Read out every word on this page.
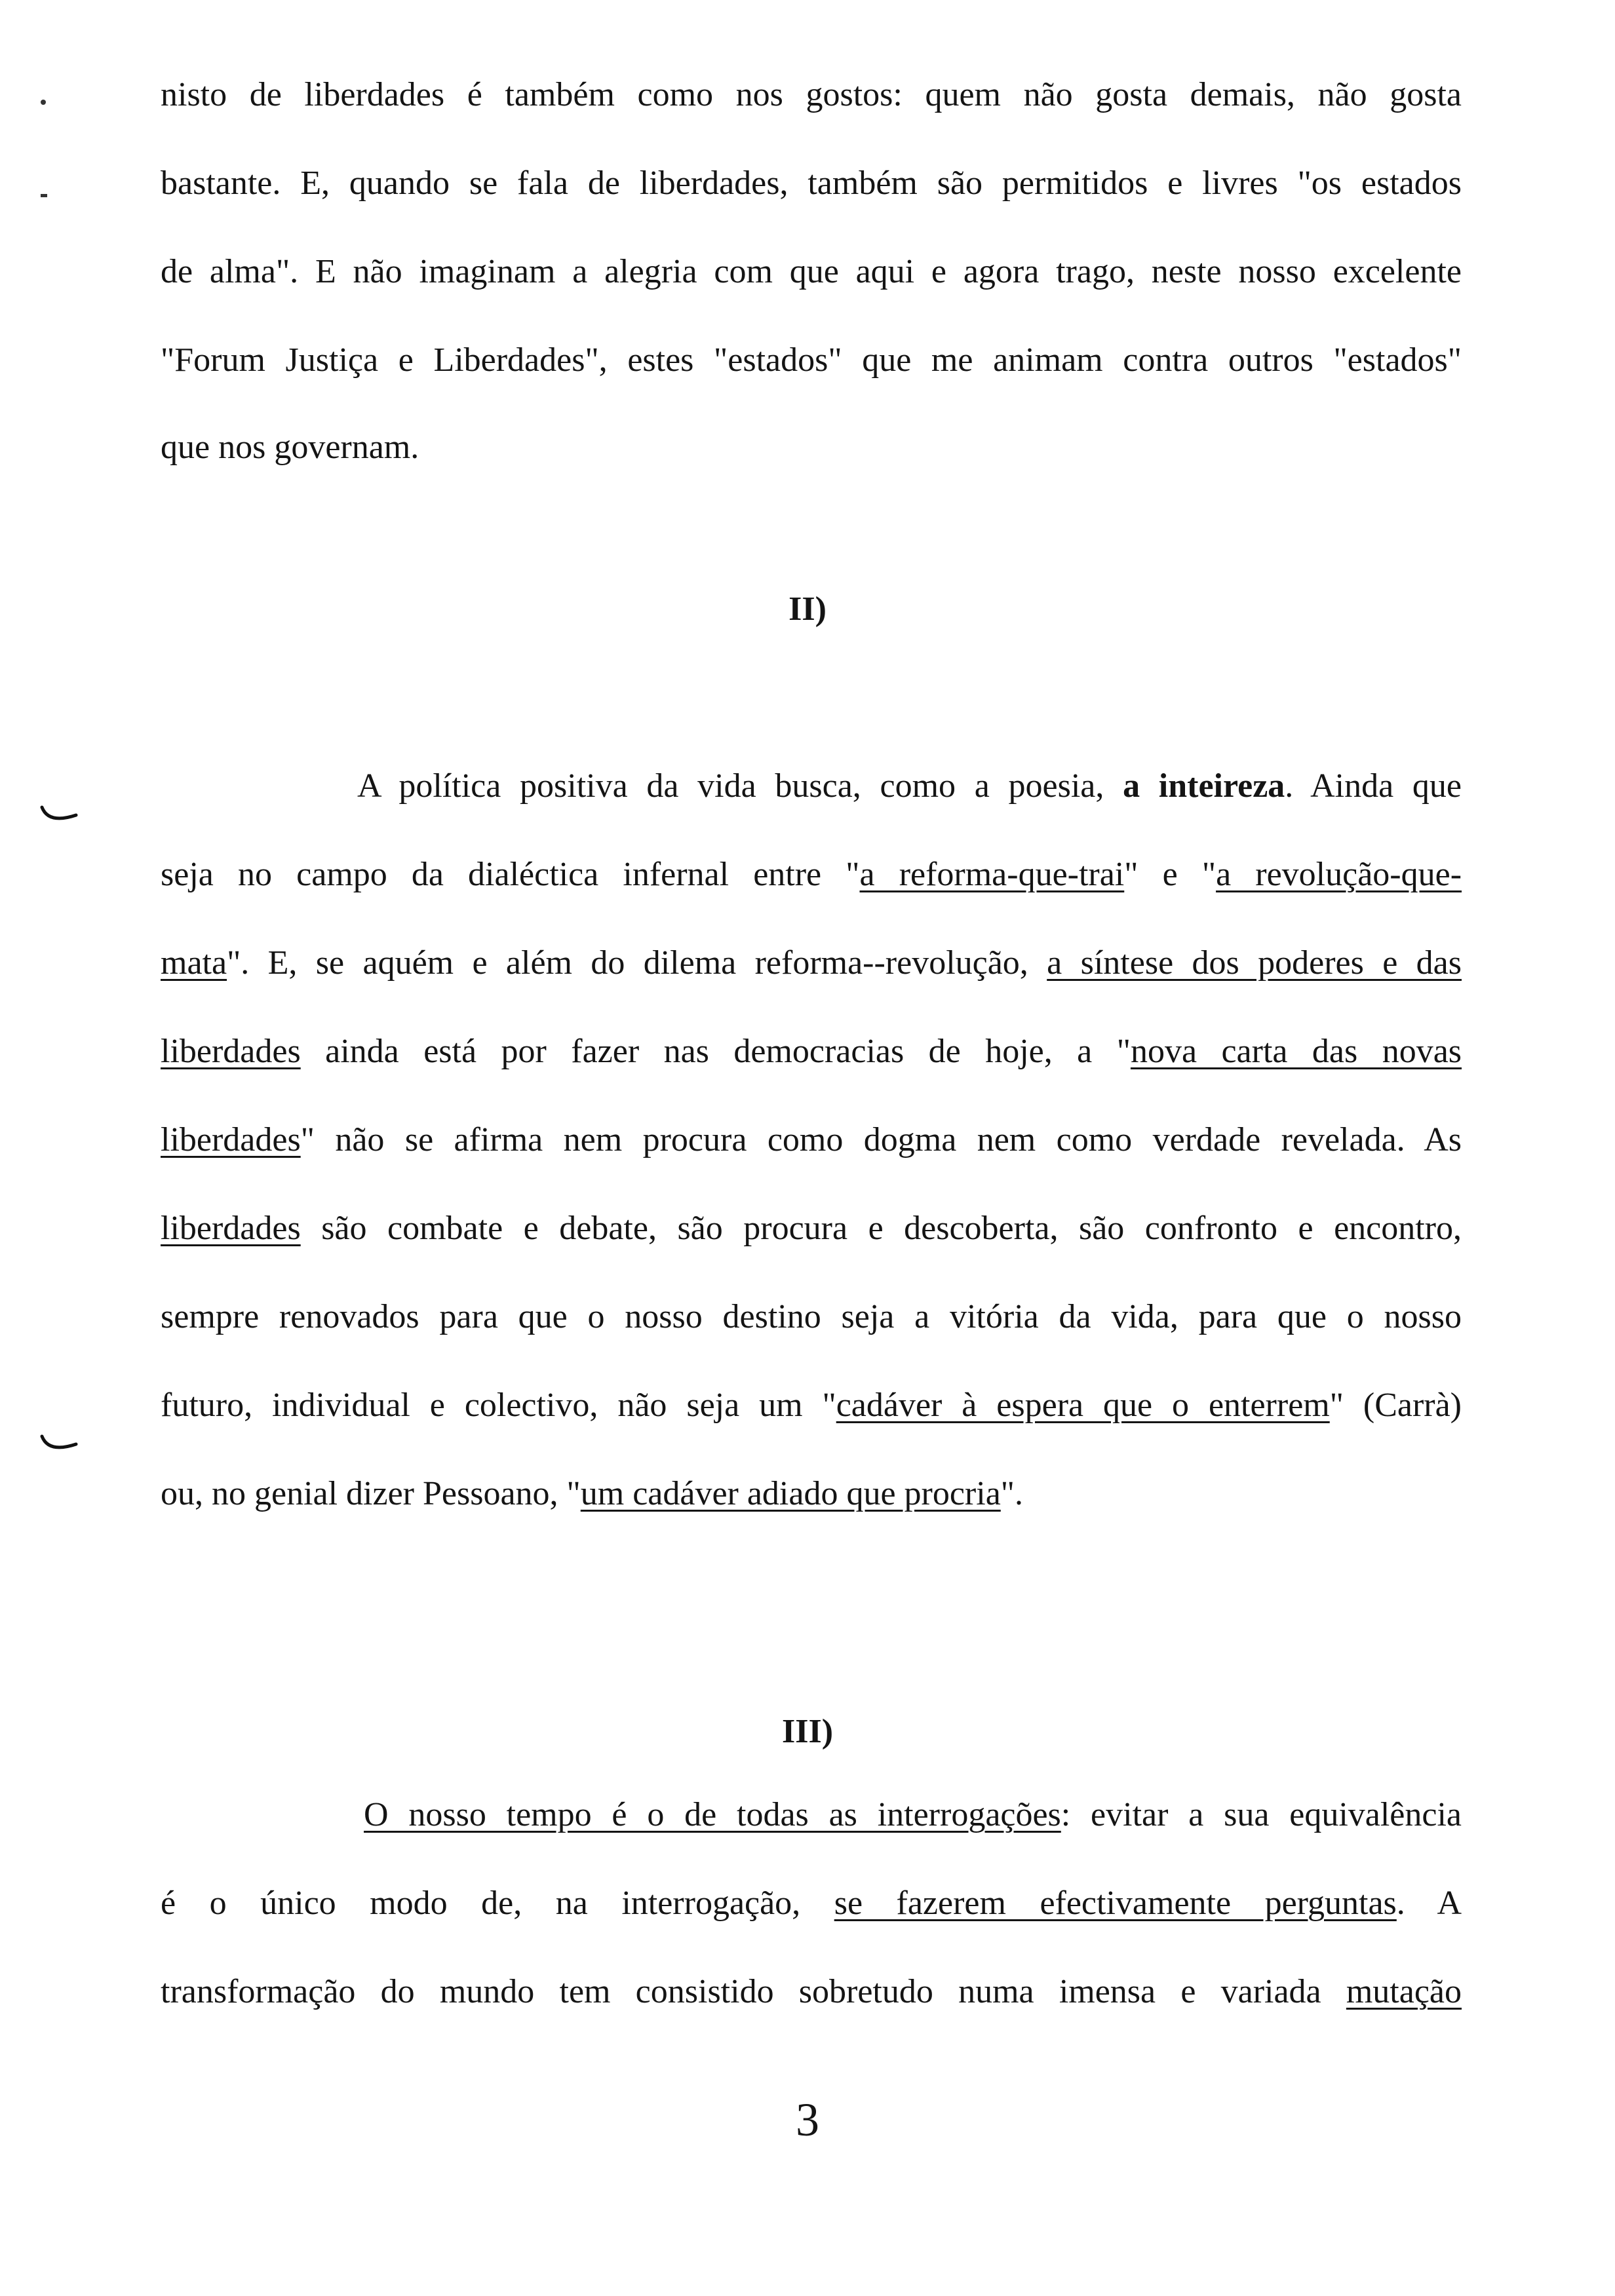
nisto de liberdades é também como nos gostos: quem não gosta demais, não gosta
bastante. E, quando se fala de liberdades, também são permitidos e livres "os estados
de alma". E não imaginam a alegria com que aqui e agora trago, neste nosso excelente
"Forum Justiça e Liberdades", estes "estados" que me animam contra outros "estados"
que nos governam.
II)
A política positiva da vida busca, como a poesia, a inteireza. Ainda que
seja no campo da dialéctica infernal entre "a reforma-que-trai" e "a revolução-que-
mata". E, se aquém e além do dilema reforma--revolução, a síntese dos poderes e das
liberdades ainda está por fazer nas democracias de hoje, a "nova carta das novas
liberdades" não se afirma nem procura como dogma nem como verdade revelada. As
liberdades são combate e debate, são procura e descoberta, são confronto e encontro,
sempre renovados para que o nosso destino seja a vitória da vida, para que o nosso
futuro, individual e colectivo, não seja um "cadáver à espera que o enterrem" (Carrà)
ou, no genial dizer Pessoano, "um cadáver adiado que procria".
III)
O nosso tempo é o de todas as interrogações: evitar a sua equivalência
é o único modo de, na interrogação, se fazerem efectivamente perguntas. A
transformação do mundo tem consistido sobretudo numa imensa e variada mutação
3
